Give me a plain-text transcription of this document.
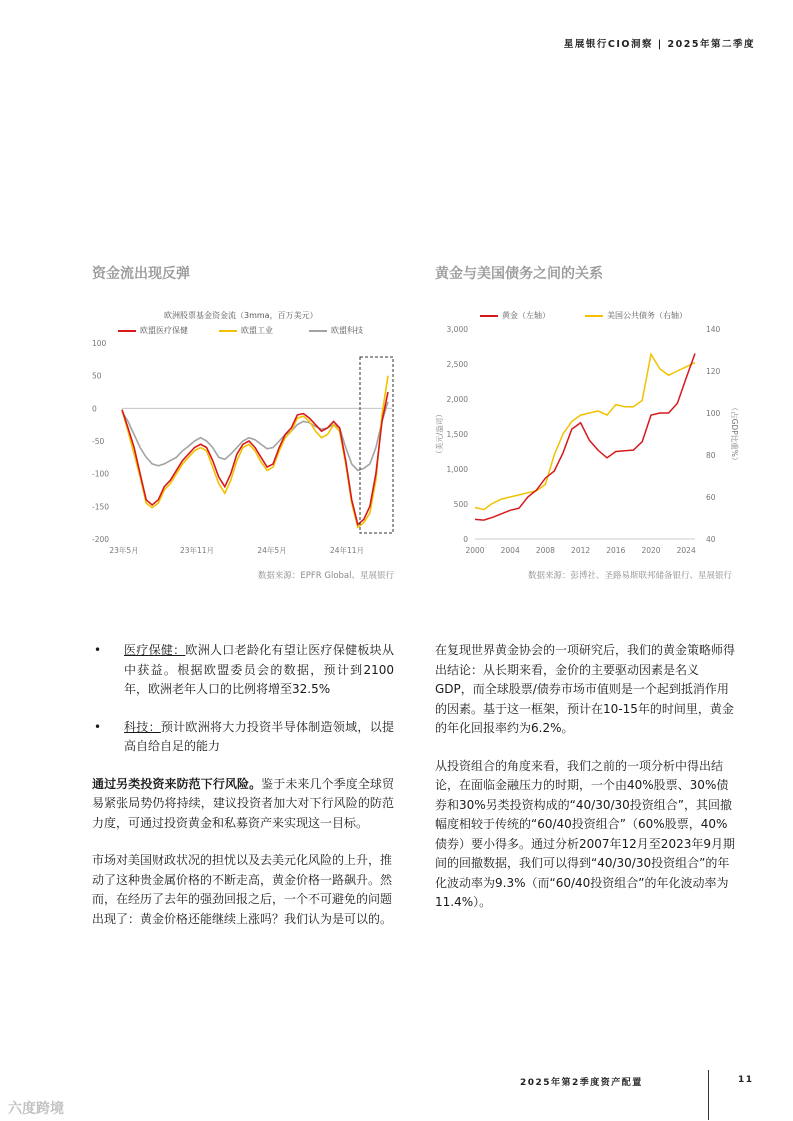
星展银行CIO洞察 | 2025年第二季度
资金流出现反弹
欧洲股票基金资金流（3mma，百万美元）
欧盟医疗保健	欧盟工业	欧盟科技
100
50
0
-50
-100
-150
-200
23年5月	23年11月	24年5月	24年11月
数据来源：EPFR Global、星展银行
黄金与美国债务之间的关系
黄金（左轴）	美国公共债务（右轴）
3,000
2,500
2,000
1,500
1,000
500
0
140
120
100
80
60
40
2000 2004 2008 2012 2016 2020 2024
（美元/盎司）	（占GDP比重%）
数据来源：彭博社、圣路易斯联邦储备银行、星展银行
•	医疗保健：欧洲人口老龄化有望让医疗保健板块从中获益。根据欧盟委员会的数据，预计到2100年，欧洲老年人口的比例将增至32.5%
•	科技：预计欧洲将大力投资半导体制造领域，以提高自给自足的能力

通过另类投资来防范下行风险。鉴于未来几个季度全球贸易紧张局势仍将持续，建议投资者加大对下行风险的防范力度，可通过投资黄金和私募资产来实现这一目标。

市场对美国财政状况的担忧以及去美元化风险的上升，推动了这种贵金属价格的不断走高，黄金价格一路飙升。然而，在经历了去年的强劲回报之后，一个不可避免的问题出现了：黄金价格还能继续上涨吗？我们认为是可以的。

在复现世界黄金协会的一项研究后，我们的黄金策略师得出结论：从长期来看，金价的主要驱动因素是名义GDP，而全球股票/债券市场市值则是一个起到抵消作用的因素。基于这一框架，预计在10-15年的时间里，黄金的年化回报率约为6.2%。

从投资组合的角度来看，我们之前的一项分析中得出结论，在面临金融压力的时期，一个由40%股票、30%债券和30%另类投资构成的“40/30/30投资组合”，其回撤幅度相较于传统的“60/40投资组合”（60%股票，40%债券）要小得多。通过分析2007年12月至2023年9月期间的回撤数据，我们可以得到“40/30/30投资组合”的年化波动率为9.3%（而“60/40投资组合”的年化波动率为11.4%）。

2025年第2季度资产配置	11
六度跨境
